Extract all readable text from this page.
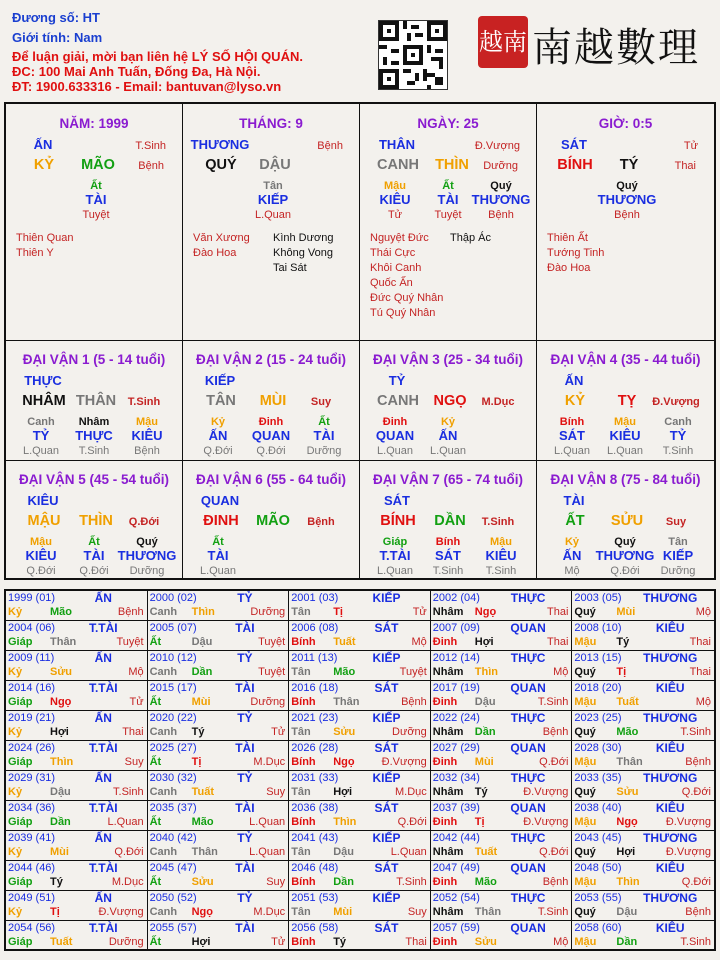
Đương số: HT
Giới tính: Nam
Để luận giải, mời bạn liên hệ LÝ SỐ HỘI QUÁN.
ĐC: 100 Mai Anh Tuấn, Đống Đa, Hà Nội.
ĐT: 1900.633316 - Email: bantuvan@lyso.vn
越南 南越數理
NĂM: 1999
ẤN	T.Sinh
KỶ	MÃO	Bệnh
Ất
TÀI
Tuyệt
Thiên Quan
Thiên Y
THÁNG: 9
THƯƠNG	Bệnh
QUÝ	DẬU
Tân
KIẾP
L.Quan
Văn Xương
Đào Hoa
Kình Dương
Không Vong
Tai Sát
NGÀY: 25
THÂN	Đ.Vượng
CANH	THÌN	Dưỡng
Mậu
KIÊU
Tử
Ất
TÀI
Tuyệt
Quý
THƯƠNG
Bệnh
Nguyệt Đức
Thái Cực
Khôi Canh
Quốc Ấn
Đức Quý Nhân
Tú Quý Nhân
Thập Ác
GIỜ: 0:5
SÁT	Tử
BÍNH	TÝ	Thai
Quý
THƯƠNG
Bệnh
Thiên Ất
Tướng Tinh
Đào Hoa
ĐẠI VẬN 1 (5 - 14 tuổi)
THỰC
NHÂM THÂN	T.Sinh
Canh
TỶ
L.Quan
Nhâm
THỰC
T.Sinh
Mậu
KIÊU
Bệnh
ĐẠI VẬN 2 (15 - 24 tuổi)
KIẾP
TÂN	MÙI	Suy
Kỷ
ẤN
Q.Đới
Đinh
QUAN
Q.Đới
Ất
TÀI
Dưỡng
ĐẠI VẬN 3 (25 - 34 tuổi)
TỶ
CANH	NGỌ	M.Dục
Đinh
QUAN
L.Quan
Kỷ
ẤN
L.Quan
ĐẠI VẬN 4 (35 - 44 tuổi)
ẤN
KỶ	TỴ	Đ.Vượng
Bính
SÁT
L.Quan
Mậu
KIÊU
L.Quan
Canh
TỶ
T.Sinh
ĐẠI VẬN 5 (45 - 54 tuổi)
KIÊU
MẬU	THÌN	Q.Đới
Mậu
KIÊU
Q.Đới
Ất
TÀI
Q.Đới
Quý
THƯƠNG
Dưỡng
ĐẠI VẬN 6 (55 - 64 tuổi)
QUAN
ĐINH	MÃO	Bệnh
Ất
TÀI
L.Quan
ĐẠI VẬN 7 (65 - 74 tuổi)
SÁT
BÍNH	DẦN	T.Sinh
Giáp
T.TÀI
L.Quan
Bính
SÁT
T.Sinh
Mậu
KIÊU
T.Sinh
ĐẠI VẬN 8 (75 - 84 tuổi)
TÀI
ẤT	SỬU	Suy
Kỷ
ẤN
Mộ
Quý
THƯƠNG
Q.Đới
Tân
KIẾP
Dưỡng
1999 (01)	ẤN
Kỷ	Mão	Bệnh
2000 (02)	TỶ
Canh Thìn	Dưỡng
2001 (03)	KIẾP
Tân Tị	Tử
2002 (04)	THỰC
Nhâm Ngọ	Thai
2003 (05)	THƯƠNG
Quý Mùi	Mộ
2004 (06)	T.TÀI
Giáp Thân	Tuyệt
2005 (07)	TÀI
Ất	Dậu	Tuyệt
2006 (08)	SÁT
Bính Tuất	Mộ
2007 (09)	QUAN
Đinh Hợi	Thai
2008 (10)	KIÊU
Mậu Tý	Thai
2009 (11)	ẤN
Kỷ	Sửu	Mộ
2010 (12)	TỶ
Canh Dần	Tuyệt
2011 (13)	KIẾP
Tân Mão	Tuyệt
2012 (14)	THỰC
Nhâm Thìn	Mộ
2013 (15)	THƯƠNG
Quý Tị	Thai
2014 (16)	T.TÀI
Giáp Ngọ	Tử
2015 (17)	TÀI
Ất	Mùi	Dưỡng
2016 (18)	SÁT
Bính Thân	Bệnh
2017 (19)	QUAN
Đinh Dậu	T.Sinh
2018 (20)	KIÊU
Mậu Tuất	Mộ
2019 (21)	ẤN
Kỷ	Hợi	Thai
2020 (22)	TỶ
Canh Tý	Tử
2021 (23)	KIẾP
Tân Sửu	Dưỡng
2022 (24)	THỰC
Nhâm Dần	Bệnh
2023 (25)	THƯƠNG
Quý Mão	T.Sinh
2024 (26)	T.TÀI
Giáp Thìn	Suy
2025 (27)	TÀI
Ất	Tị	M.Dục
2026 (28)	SÁT
Bính Ngọ Đ.Vượng
2027 (29)	QUAN
Đinh Mùi	Q.Đới
2028 (30)	KIÊU
Mậu Thân	Bệnh
2029 (31)	ẤN
Kỷ	Dậu	T.Sinh
2030 (32)	TỶ
Canh Tuất	Suy
2031 (33)	KIẾP
Tân Hợi	M.Dục
2032 (34)	THỰC
Nhâm Tý	Đ.Vượng
2033 (35)	THƯƠNG
Quý Sửu	Q.Đới
2034 (36)	T.TÀI
Giáp Dần	L.Quan
2035 (37)	TÀI
Ất	Mão	L.Quan
2036 (38)	SÁT
Bính Thìn	Q.Đới
2037 (39)	QUAN
Đinh Tị	Đ.Vượng
2038 (40)	KIÊU
Mậu Ngọ	Đ.Vượng
2039 (41)	ẤN
Kỷ	Mùi	Q.Đới
2040 (42)	TỶ
Canh Thân	L.Quan
2041 (43)	KIẾP
Tân Dậu	L.Quan
2042 (44)	THỰC
Nhâm Tuất	Q.Đới
2043 (45)	THƯƠNG
Quý Hợi	Đ.Vượng
2044 (46)	T.TÀI
Giáp Tý	M.Dục
2045 (47)	TÀI
Ất	Sửu	Suy
2046 (48)	SÁT
Bính Dần	T.Sinh
2047 (49)	QUAN
Đinh Mão	Bệnh
2048 (50)	KIÊU
Mậu Thìn	Q.Đới
2049 (51)	ẤN
Kỷ	Tị	Đ.Vượng
2050 (52)	TỶ
Canh Ngọ	M.Dục
2051 (53)	KIẾP
Tân Mùi	Suy
2052 (54)	THỰC
Nhâm Thân	T.Sinh
2053 (55)	THƯƠNG
Quý Dậu	Bệnh
2054 (56)	T.TÀI
Giáp Tuất	Dưỡng
2055 (57)	TÀI
Ất	Hợi	Tử
2056 (58)	SÁT
Bính Tý	Thai
2057 (59)	QUAN
Đinh Sửu	Mộ
2058 (60)	KIÊU
Mậu Dần	T.Sinh
